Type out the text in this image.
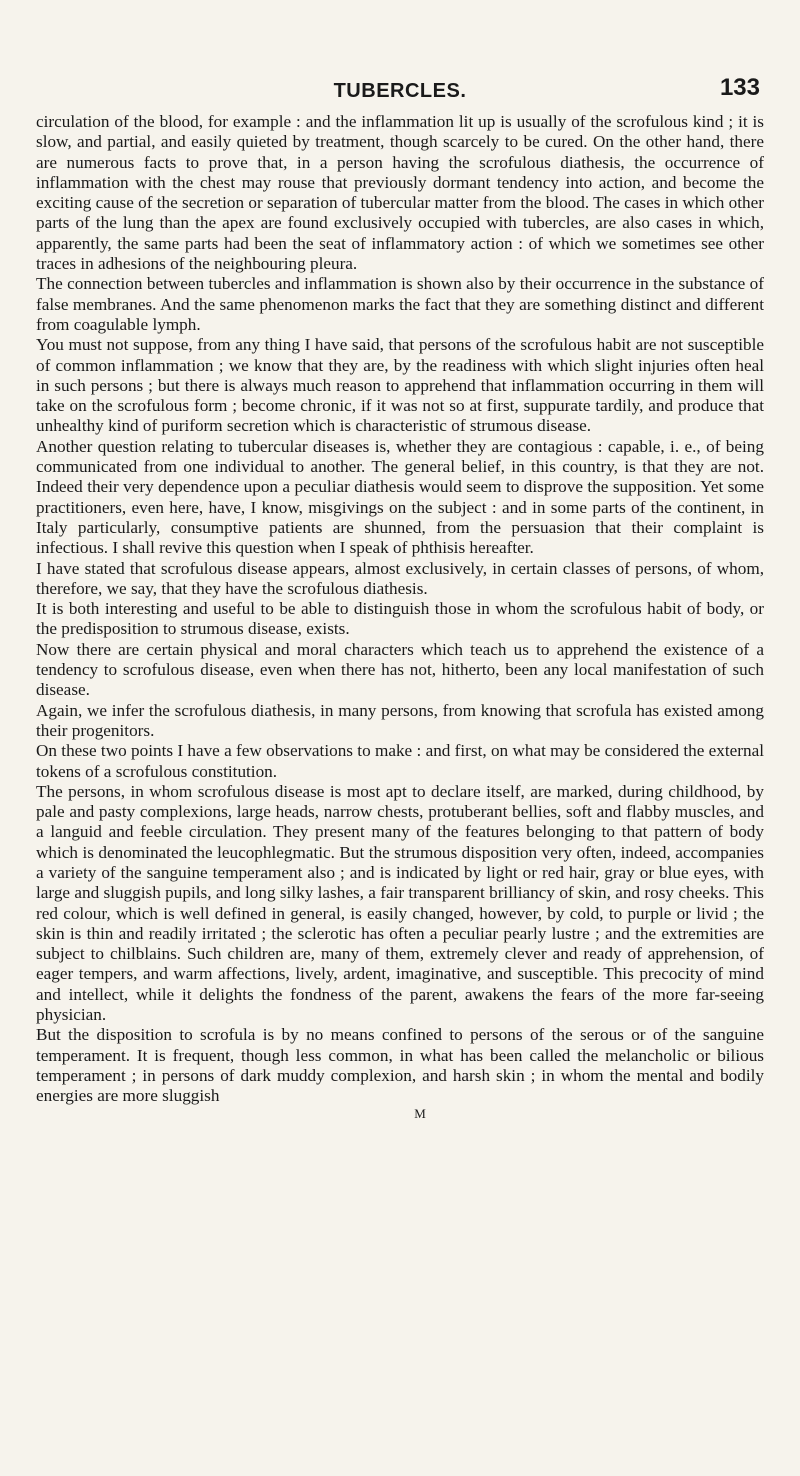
TUBERCLES.	133

circulation of the blood, for example : and the inflammation lit up is usually of the scrofulous kind ; it is slow, and partial, and easily quieted by treatment, though scarcely to be cured. On the other hand, there are numerous facts to prove that, in a person having the scrofulous diathesis, the occurrence of inflammation with the chest may rouse that previously dormant tendency into action, and become the exciting cause of the secretion or separation of tubercular matter from the blood. The cases in which other parts of the lung than the apex are found exclusively occupied with tubercles, are also cases in which, apparently, the same parts had been the seat of inflammatory action : of which we sometimes see other traces in adhesions of the neighbouring pleura.

The connection between tubercles and inflammation is shown also by their occurrence in the substance of false membranes. And the same phenomenon marks the fact that they are something distinct and different from coagulable lymph.

You must not suppose, from any thing I have said, that persons of the scrofulous habit are not susceptible of common inflammation ; we know that they are, by the readiness with which slight injuries often heal in such persons ; but there is always much reason to apprehend that inflammation occurring in them will take on the scrofulous form ; become chronic, if it was not so at first, suppurate tardily, and produce that unhealthy kind of puriform secretion which is characteristic of strumous disease.

Another question relating to tubercular diseases is, whether they are contagious : capable, i. e., of being communicated from one individual to another. The general belief, in this country, is that they are not. Indeed their very dependence upon a peculiar diathesis would seem to disprove the supposition. Yet some practitioners, even here, have, I know, misgivings on the subject : and in some parts of the continent, in Italy particularly, consumptive patients are shunned, from the persuasion that their complaint is infectious. I shall revive this question when I speak of phthisis hereafter.

I have stated that scrofulous disease appears, almost exclusively, in certain classes of persons, of whom, therefore, we say, that they have the scrofulous diathesis.

It is both interesting and useful to be able to distinguish those in whom the scrofulous habit of body, or the predisposition to strumous disease, exists.

Now there are certain physical and moral characters which teach us to apprehend the existence of a tendency to scrofulous disease, even when there has not, hitherto, been any local manifestation of such disease.

Again, we infer the scrofulous diathesis, in many persons, from knowing that scrofula has existed among their progenitors.

On these two points I have a few observations to make : and first, on what may be considered the external tokens of a scrofulous constitution.

The persons, in whom scrofulous disease is most apt to declare itself, are marked, during childhood, by pale and pasty complexions, large heads, narrow chests, protuberant bellies, soft and flabby muscles, and a languid and feeble circulation. They present many of the features belonging to that pattern of body which is denominated the leucophlegmatic. But the strumous disposition very often, indeed, accompanies a variety of the sanguine temperament also ; and is indicated by light or red hair, gray or blue eyes, with large and sluggish pupils, and long silky lashes, a fair transparent brilliancy of skin, and rosy cheeks. This red colour, which is well defined in general, is easily changed, however, by cold, to purple or livid ; the skin is thin and readily irritated ; the sclerotic has often a peculiar pearly lustre ; and the extremities are subject to chilblains. Such children are, many of them, extremely clever and ready of apprehension, of eager tempers, and warm affections, lively, ardent, imaginative, and susceptible. This precocity of mind and intellect, while it delights the fondness of the parent, awakens the fears of the more far-seeing physician.

But the disposition to scrofula is by no means confined to persons of the serous or of the sanguine temperament. It is frequent, though less common, in what has been called the melancholic or bilious temperament ; in persons of dark muddy complexion, and harsh skin ; in whom the mental and bodily energies are more sluggish

M
